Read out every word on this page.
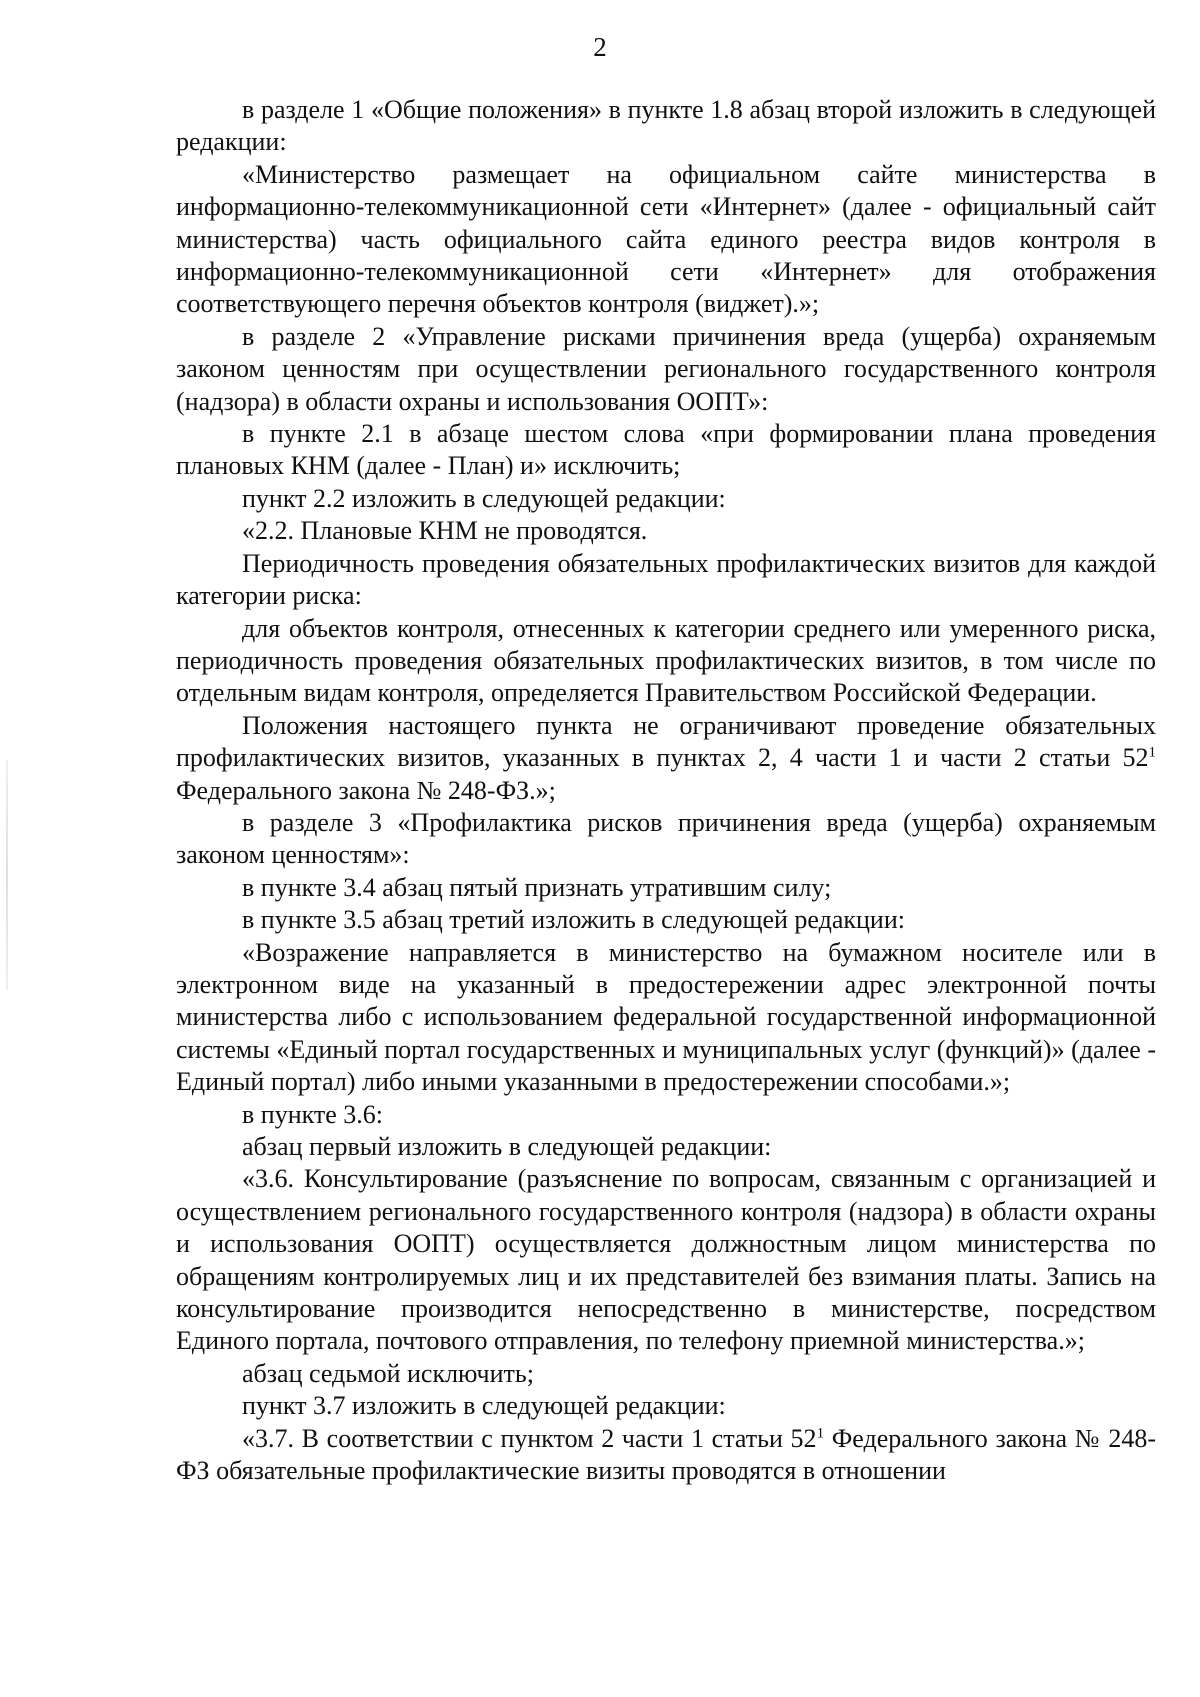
2

в разделе 1 «Общие положения» в пункте 1.8 абзац второй изложить в следующей редакции:

«Министерство размещает на официальном сайте министерства в информационно-телекоммуникационной сети «Интернет» (далее - официальный сайт министерства) часть официального сайта единого реестра видов контроля в информационно-телекоммуникационной сети «Интернет» для отображения соответствующего перечня объектов контроля (виджет).»;

в разделе 2 «Управление рисками причинения вреда (ущерба) охраняемым законом ценностям при осуществлении регионального государственного контроля (надзора) в области охраны и использования ООПТ»:

в пункте 2.1 в абзаце шестом слова «при формировании плана проведения плановых КНМ (далее - План) и» исключить;

пункт 2.2 изложить в следующей редакции:

«2.2. Плановые КНМ не проводятся.

Периодичность проведения обязательных профилактических визитов для каждой категории риска:

для объектов контроля, отнесенных к категории среднего или умеренного риска, периодичность проведения обязательных профилактических визитов, в том числе по отдельным видам контроля, определяется Правительством Российской Федерации.

Положения настоящего пункта не ограничивают проведение обязательных профилактических визитов, указанных в пунктах 2, 4 части 1 и части 2 статьи $52^1$ Федерального закона № 248-ФЗ.»;

в разделе 3 «Профилактика рисков причинения вреда (ущерба) охраняемым законом ценностям»:

в пункте 3.4 абзац пятый признать утратившим силу;

в пункте 3.5 абзац третий изложить в следующей редакции:

«Возражение направляется в министерство на бумажном носителе или в электронном виде на указанный в предостережении адрес электронной почты министерства либо с использованием федеральной государственной информационной системы «Единый портал государственных и муниципальных услуг (функций)» (далее - Единый портал) либо иными указанными в предостережении способами.»;

в пункте 3.6:

абзац первый изложить в следующей редакции:

«3.6. Консультирование (разъяснение по вопросам, связанным с организацией и осуществлением регионального государственного контроля (надзора) в области охраны и использования ООПТ) осуществляется должностным лицом министерства по обращениям контролируемых лиц и их представителей без взимания платы. Запись на консультирование производится непосредственно в министерстве, посредством Единого портала, почтового отправления, по телефону приемной министерства.»;

абзац седьмой исключить;

пункт 3.7 изложить в следующей редакции:

«3.7. В соответствии с пунктом 2 части 1 статьи $52^1$ Федерального закона № 248-ФЗ обязательные профилактические визиты проводятся в отношении
